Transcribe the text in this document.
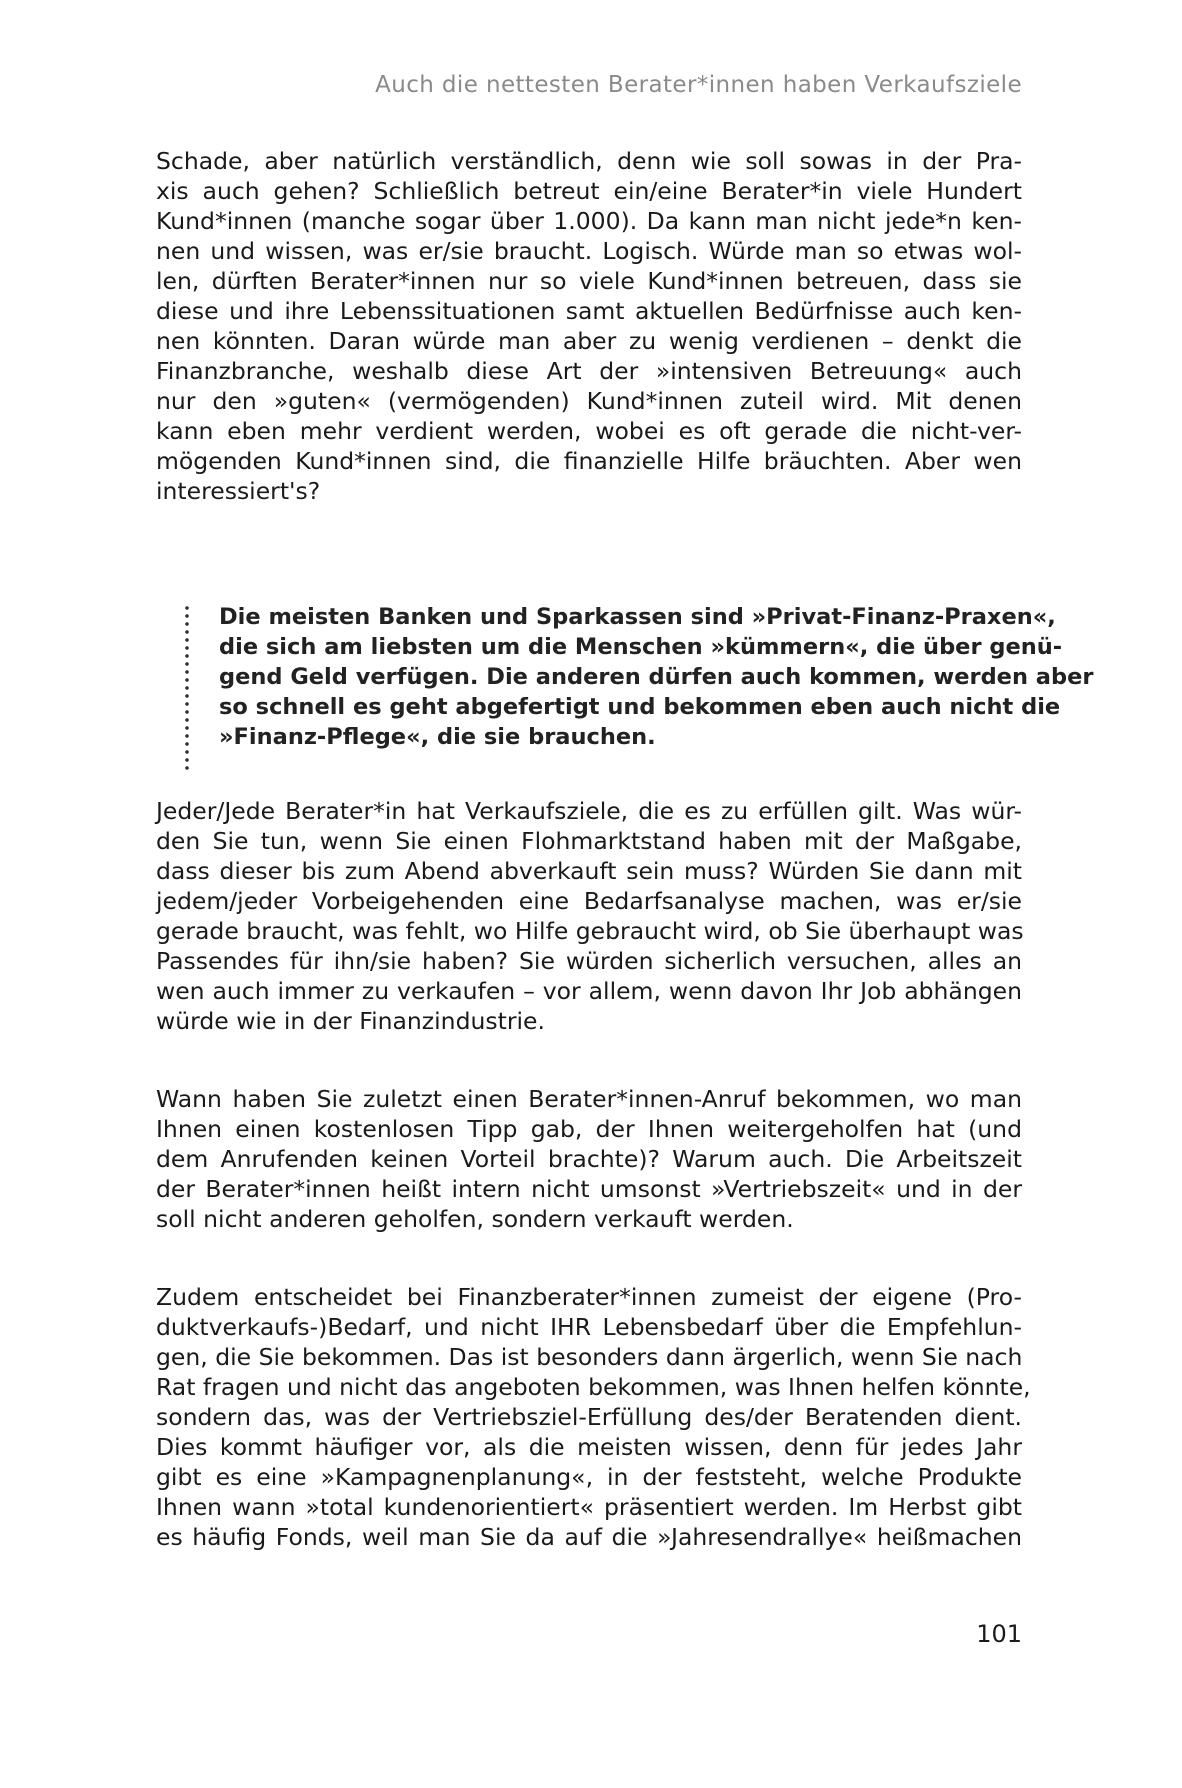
Auch die nettesten Berater*innen haben Verkaufsziele
Schade, aber natürlich verständlich, denn wie soll sowas in der Pra-
xis auch gehen? Schließlich betreut ein/eine Berater*in viele Hundert
Kund*innen (manche sogar über 1.000). Da kann man nicht jede*n ken-
nen und wissen, was er/sie braucht. Logisch. Würde man so etwas wol-
len, dürften Berater*innen nur so viele Kund*innen betreuen, dass sie
diese und ihre Lebenssituationen samt aktuellen Bedürfnisse auch ken-
nen könnten. Daran würde man aber zu wenig verdienen – denkt die
Finanzbranche, weshalb diese Art der »intensiven Betreuung« auch
nur den »guten« (vermögenden) Kund*innen zuteil wird. Mit denen
kann eben mehr verdient werden, wobei es oft gerade die nicht-ver-
mögenden Kund*innen sind, die finanzielle Hilfe bräuchten. Aber wen
interessiert's?
Die meisten Banken und Sparkassen sind »Privat-Finanz-Praxen«,
die sich am liebsten um die Menschen »kümmern«, die über genü-
gend Geld verfügen. Die anderen dürfen auch kommen, werden aber
so schnell es geht abgefertigt und bekommen eben auch nicht die
»Finanz-Pflege«, die sie brauchen.
Jeder/Jede Berater*in hat Verkaufsziele, die es zu erfüllen gilt. Was wür-
den Sie tun, wenn Sie einen Flohmarktstand haben mit der Maßgabe,
dass dieser bis zum Abend abverkauft sein muss? Würden Sie dann mit
jedem/jeder Vorbeigehenden eine Bedarfsanalyse machen, was er/sie
gerade braucht, was fehlt, wo Hilfe gebraucht wird, ob Sie überhaupt was
Passendes für ihn/sie haben? Sie würden sicherlich versuchen, alles an
wen auch immer zu verkaufen – vor allem, wenn davon Ihr Job abhängen
würde wie in der Finanzindustrie.
Wann haben Sie zuletzt einen Berater*innen-Anruf bekommen, wo man
Ihnen einen kostenlosen Tipp gab, der Ihnen weitergeholfen hat (und
dem Anrufenden keinen Vorteil brachte)? Warum auch. Die Arbeitszeit
der Berater*innen heißt intern nicht umsonst »Vertriebszeit« und in der
soll nicht anderen geholfen, sondern verkauft werden.
Zudem entscheidet bei Finanzberater*innen zumeist der eigene (Pro-
duktverkaufs-)Bedarf, und nicht IHR Lebensbedarf über die Empfehlun-
gen, die Sie bekommen. Das ist besonders dann ärgerlich, wenn Sie nach
Rat fragen und nicht das angeboten bekommen, was Ihnen helfen könnte,
sondern das, was der Vertriebsziel-Erfüllung des/der Beratenden dient.
Dies kommt häufiger vor, als die meisten wissen, denn für jedes Jahr
gibt es eine »Kampagnenplanung«, in der feststeht, welche Produkte
Ihnen wann »total kundenorientiert« präsentiert werden. Im Herbst gibt
es häufig Fonds, weil man Sie da auf die »Jahresendrallye« heißmachen
101
